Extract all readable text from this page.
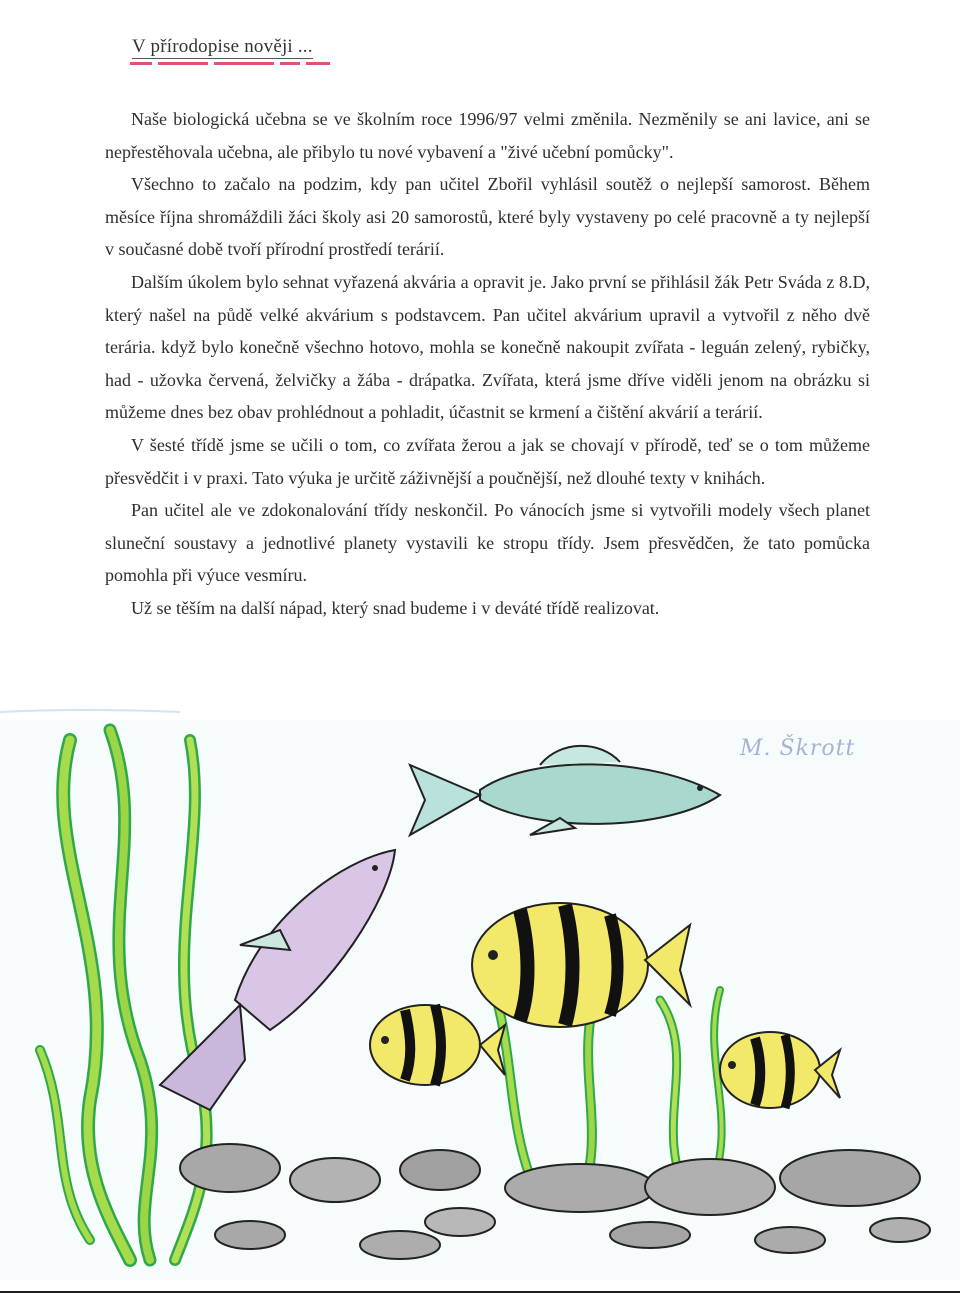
V přírodopise nověji ...

Naše biologická učebna se ve školním roce 1996/97 velmi změnila. Nezměnily se ani lavice, ani se nepřestěhovala učebna, ale přibylo tu nové vybavení a "živé učební pomůcky".

Všechno to začalo na podzim, kdy pan učitel Zbořil vyhlásil soutěž o nejlepší samorost. Během měsíce října shromáždili žáci školy asi 20 samorostů, které byly vystaveny po celé pracovně a ty nejlepší v současné době tvoří přírodní prostředí terárií.

Dalším úkolem bylo sehnat vyřazená akvária a opravit je. Jako první se přihlásil žák Petr Sváda z 8.D, který našel na půdě velké akvárium s podstavcem. Pan učitel akvárium upravil a vytvořil z něho dvě terária. když bylo konečně všechno hotovo, mohla se konečně nakoupit zvířata - leguán zelený, rybičky, had - užovka červená, želvičky a žába - drápatka. Zvířata, která jsme dříve viděli jenom na obrázku si můžeme dnes bez obav prohlédnout a pohladit, účastnit se krmení a čištění akvárií a terárií.

V šesté třídě jsme se učili o tom, co zvířata žerou a jak se chovají v přírodě, teď se o tom můžeme přesvědčit i v praxi. Tato výuka je určitě záživnější a poučnější, než dlouhé texty v knihách.

Pan učitel ale ve zdokonalování třídy neskončil. Po vánocích jsme si vytvořili modely všech planet sluneční soustavy a jednotlivé planety vystavili ke stropu třídy. Jsem přesvědčen, že tato pomůcka pomohla při výuce vesmíru.

Už se těším na další nápad, který snad budeme i v deváté třídě realizovat.
